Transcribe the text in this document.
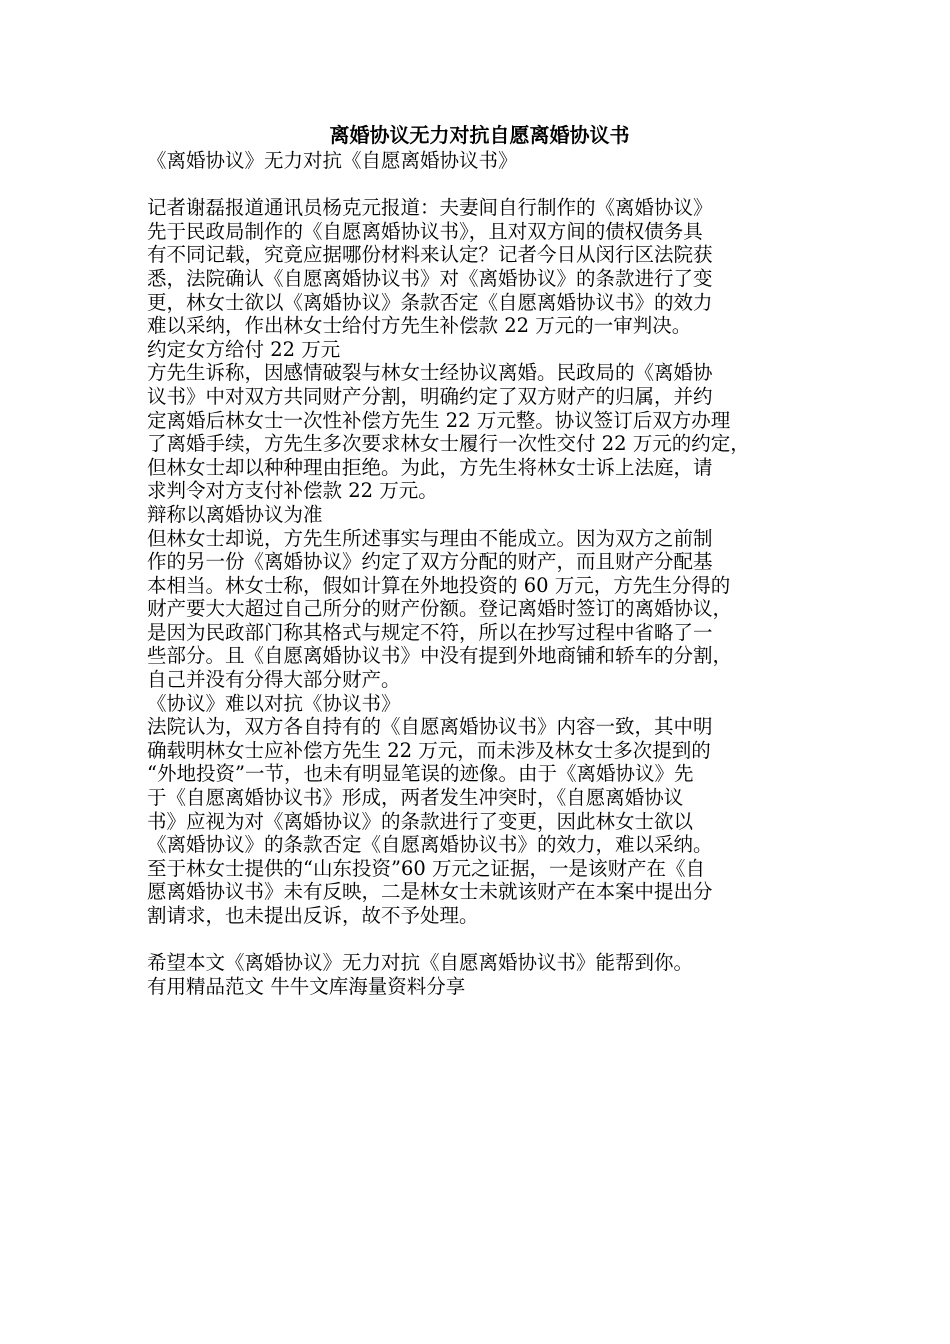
离婚协议无力对抗自愿离婚协议书

《离婚协议》无力对抗《自愿离婚协议书》

记者谢磊报道通讯员杨克元报道：夫妻间自行制作的《离婚协议》

先于民政局制作的《自愿离婚协议书》，且对双方间的债权债务具

有不同记载，究竟应据哪份材料来认定？记者今日从闵行区法院获

悉，法院确认《自愿离婚协议书》对《离婚协议》的条款进行了变

更，林女士欲以《离婚协议》条款否定《自愿离婚协议书》的效力

难以采纳，作出林女士给付方先生补偿款 22 万元的一审判决。

约定女方给付 22 万元

方先生诉称，因感情破裂与林女士经协议离婚。民政局的《离婚协

议书》中对双方共同财产分割，明确约定了双方财产的归属，并约

定离婚后林女士一次性补偿方先生 22 万元整。协议签订后双方办理

了离婚手续，方先生多次要求林女士履行一次性交付 22 万元的约定，

但林女士却以种种理由拒绝。为此，方先生将林女士诉上法庭，请

求判令对方支付补偿款 22 万元。

辩称以离婚协议为准

但林女士却说，方先生所述事实与理由不能成立。因为双方之前制

作的另一份《离婚协议》约定了双方分配的财产，而且财产分配基

本相当。林女士称，假如计算在外地投资的 60 万元，方先生分得的

财产要大大超过自己所分的财产份额。登记离婚时签订的离婚协议，

是因为民政部门称其格式与规定不符，所以在抄写过程中省略了一

些部分。且《自愿离婚协议书》中没有提到外地商铺和轿车的分割，

自己并没有分得大部分财产。

《协议》难以对抗《协议书》

法院认为，双方各自持有的《自愿离婚协议书》内容一致，其中明

确载明林女士应补偿方先生 22 万元，而未涉及林女士多次提到的

“外地投资”一节，也未有明显笔误的迹像。由于《离婚协议》先

于《自愿离婚协议书》形成，两者发生冲突时，《自愿离婚协议

书》应视为对《离婚协议》的条款进行了变更，因此林女士欲以

《离婚协议》的条款否定《自愿离婚协议书》的效力，难以采纳。

至于林女士提供的“山东投资”60 万元之证据，一是该财产在《自

愿离婚协议书》未有反映，二是林女士未就该财产在本案中提出分

割请求，也未提出反诉，故不予处理。

希望本文《离婚协议》无力对抗《自愿离婚协议书》能帮到你。

有用精品范文 牛牛文库海量资料分享
